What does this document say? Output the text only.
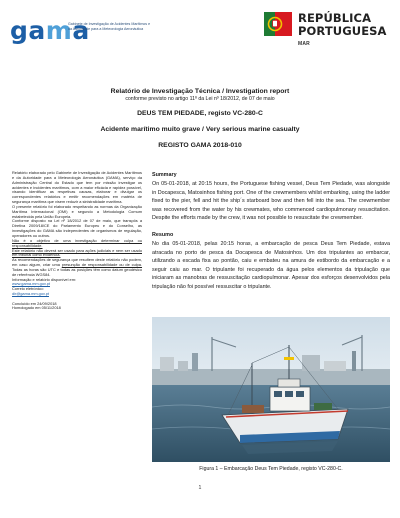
gama
Gabinete de Investigação de Acidentes Marítimos e da Autoridade para a Meteorologia Aeronáutica
REPÚBLICA
PORTUGUESA
MAR
Relatório de Investigação Técnica / Investigation report
conforme previsto no artigo 11º da Lei nº 18/2012, de 07 de maio
DEUS TEM PIEDADE, registo VC-280-C
Acidente marítimo muito grave / Very serious marine casualty
REGISTO GAMA 2018-010

Relatório elaborado pelo Gabinete de Investigação de Acidentes Marítimos e da Autoridade para a Meteorologia Aeronáutica (GAMA), serviço da Administração Central do Estado que tem por missão investigar os acidentes e incidentes marítimos, com a maior eficácia e rapidez possível, visando identificar as respetivas causas, elaborar e divulgar os correspondentes relatórios e emitir recomendações em matéria de segurança marítima que visem reduzir a sinistralidade marítima.

O presente relatório foi elaborado respeitando as normas da Organização Marítima Internacional (OMI) e segundo a Metodologia Comum estabelecida pela União Europeia.

Conforme disposto na Lei nº 18/2012 de 07 de maio, que transpôs a Diretiva 2009/18/CE do Parlamento Europeu e do Conselho, as investigações do GAMA são independentes de organismos de regulação, operadores ou outros.

Não é o objetivo de uma investigação determinar culpa ou responsabilidade.

Este relatório não deverá ser usado para ações judiciais e nem ser usado em tribunal como evidência.

As recomendações de segurança que resultem deste relatório não podem, em caso algum, criar uma presunção de responsabilidade ou de culpa. Todas as horas são UTC e todas as posições têm como datum geodésico de referência WGS84.

Informação e relatório disponível em:

www.gama.mm.gov.pt

Correio eletrónico:

dir@gama.mm.gov.pt

Concluído em 24/09/2018

Homologado em 05/11/2018

Summary
On 05-01-2018, at 20:15 hours, the Portuguese fishing vessel, Deus Tem Piedade, was alongside in Docapesca, Matosinhos fishing port. One of the crewmembers whilst embarking, using the ladder fixed to the pier, fell and hit the ship´s starboard bow and then fell into the sea. The crewmember was recovered from the water by his crewmates, who commenced cardiopulmonary resuscitation. Despite the efforts made by the crew, it was not possible to resuscitate the crewmember.
Resumo
No dia 05-01-2018, pelas 20:15 horas, a embarcação de pesca Deus Tem Piedade, estava atracada no porto de pesca da Docapesca de Matosinhos. Um dos tripulantes ao embarcar, utilizando a escada fixa ao pontão, caiu e embateu na amura de estibordo da embarcação e a seguir caiu ao mar. O tripulante foi recuperado da água pelos elementos da tripulação que iniciaram as manobras de ressuscitação cardiopulmonar. Apesar dos esforços desenvolvidos pela tripulação não foi possível ressuscitar o tripulante.
Figura 1 – Embarcação Deus Tem Piedade, registo VC-280-C.
1
